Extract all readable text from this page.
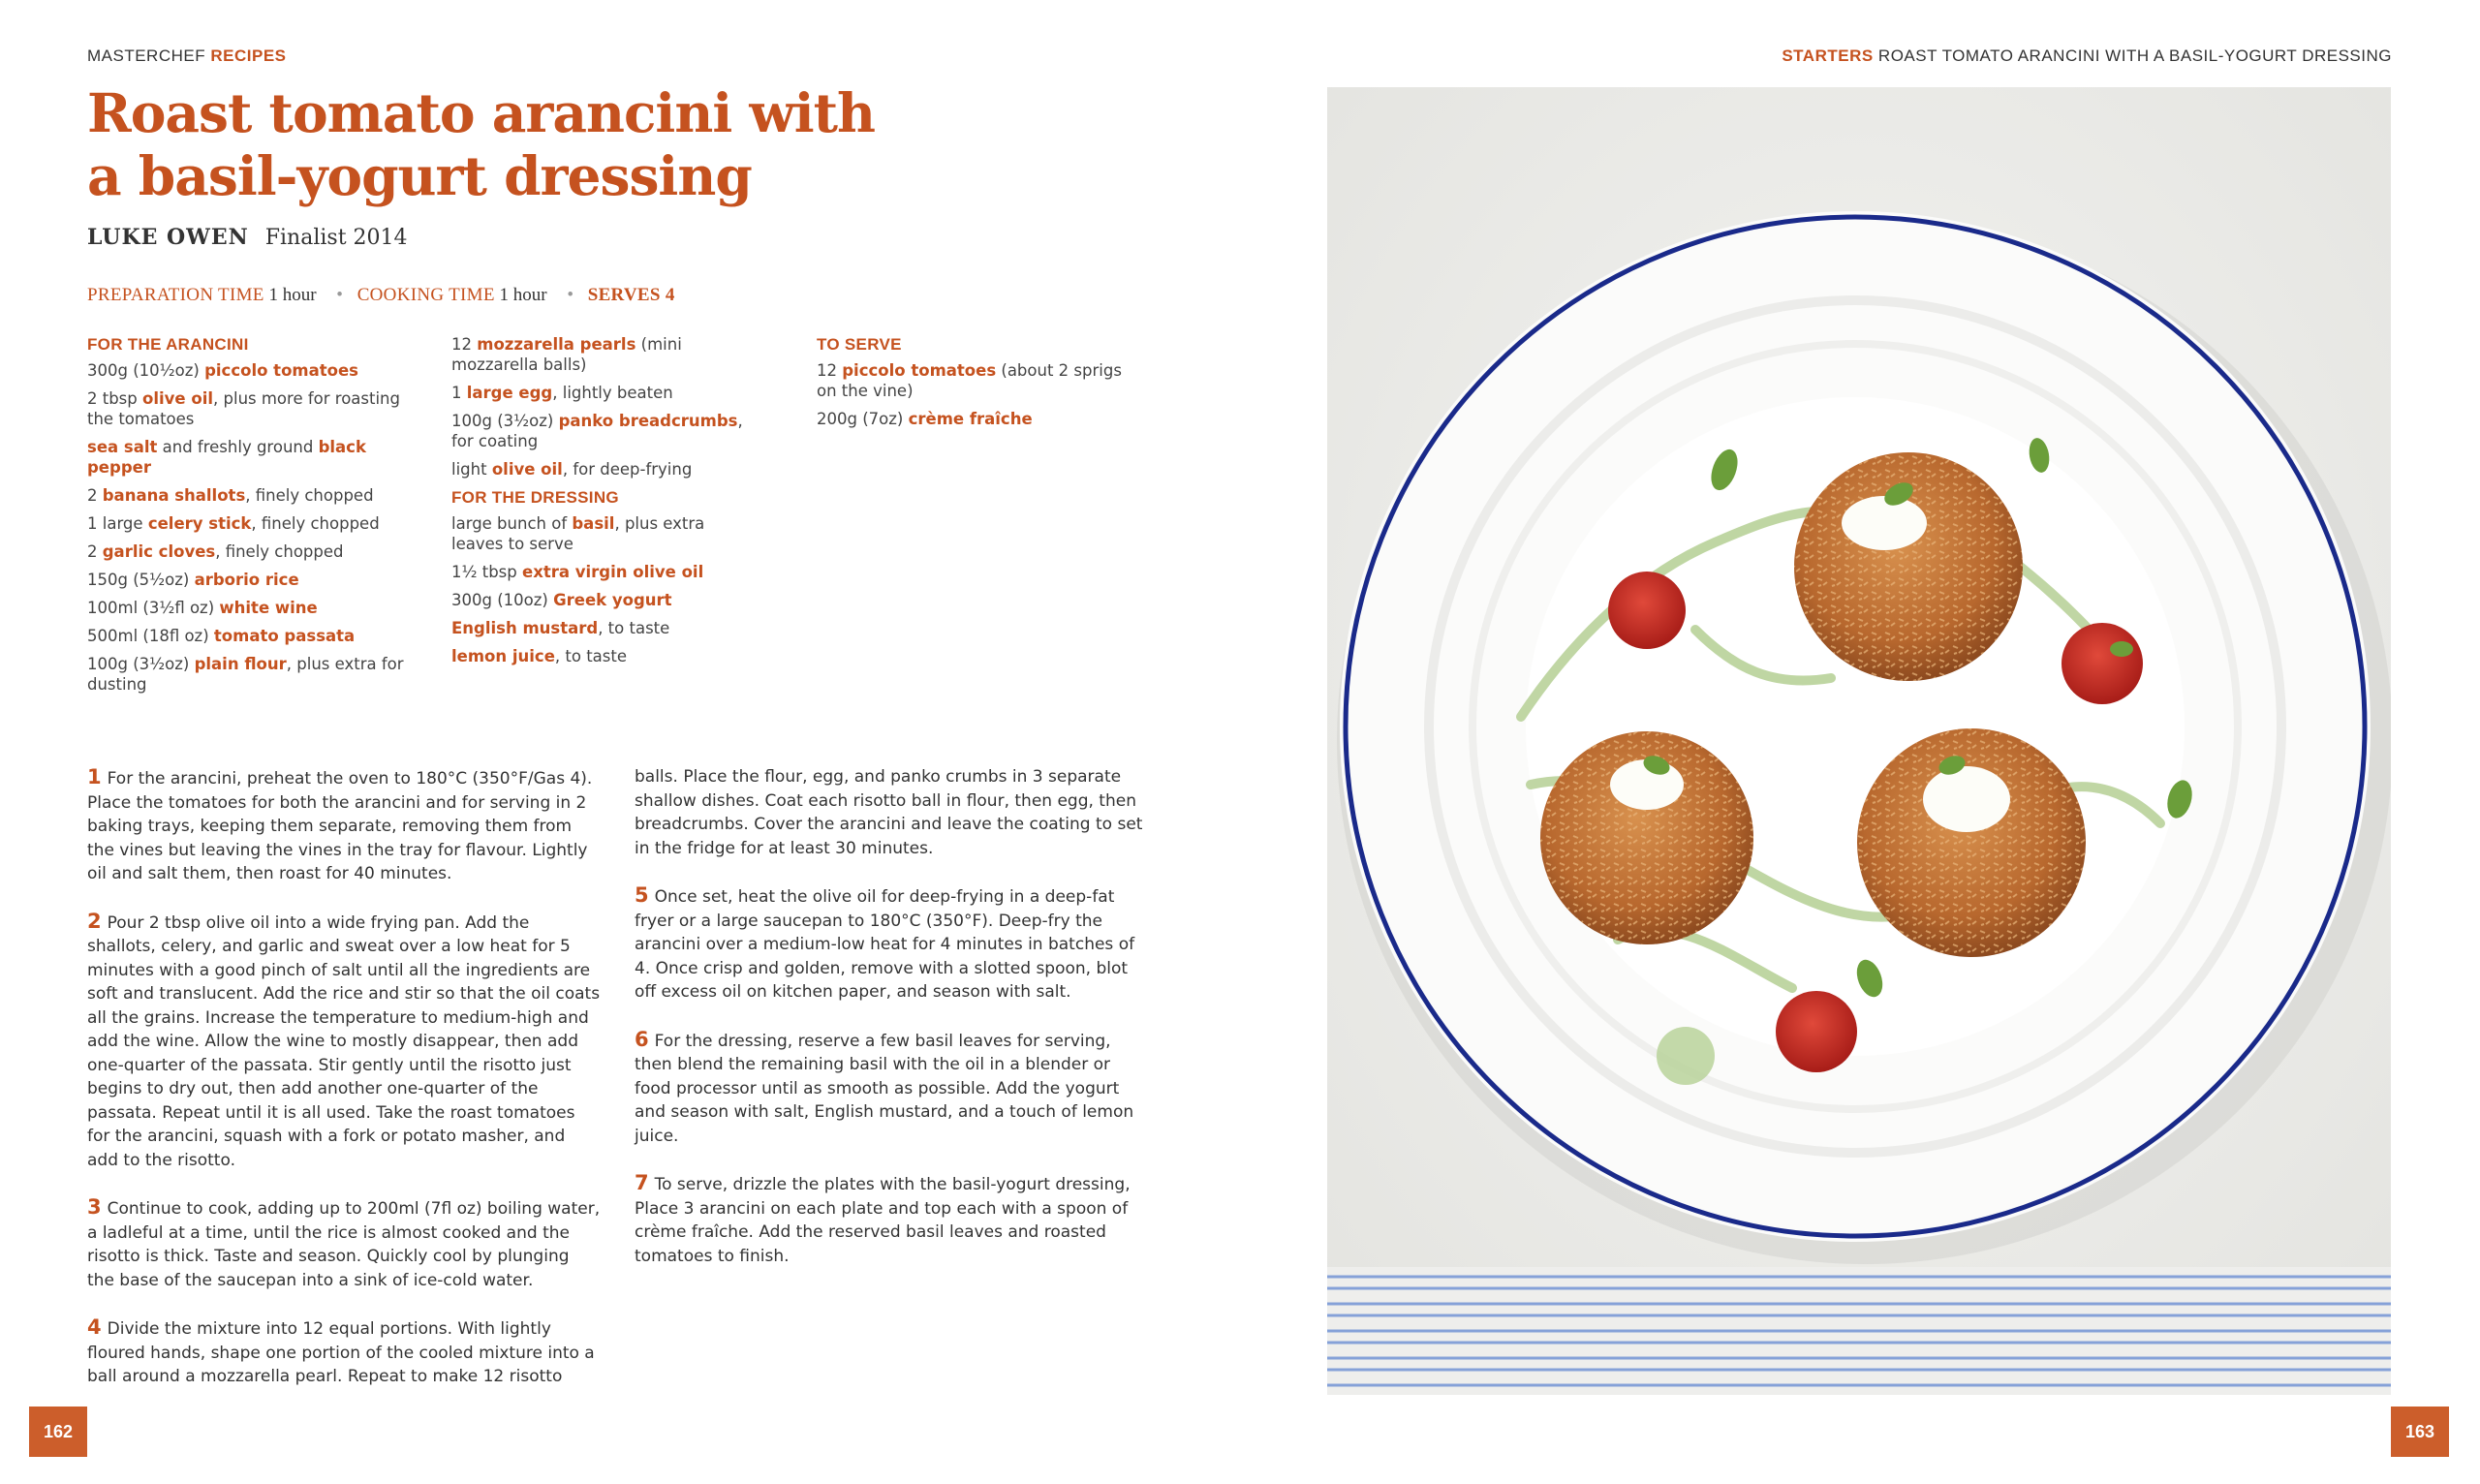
MASTERCHEF RECIPES	STARTERS ROAST TOMATO ARANCINI WITH A BASIL-YOGURT DRESSING
Roast tomato arancini with
a basil-yogurt dressing
LUKE OWEN Finalist 2014
PREPARATION TIME 1 hour • COOKING TIME 1 hour • SERVES 4
FOR THE ARANCINI
300g (10½oz) piccolo tomatoes
2 tbsp olive oil, plus more for roasting the tomatoes
sea salt and freshly ground black pepper
2 banana shallots, finely chopped
1 large celery stick, finely chopped
2 garlic cloves, finely chopped
150g (5½oz) arborio rice
100ml (3½fl oz) white wine
500ml (18fl oz) tomato passata
100g (3½oz) plain flour, plus extra for dusting
12 mozzarella pearls (mini mozzarella balls)
1 large egg, lightly beaten
100g (3½oz) panko breadcrumbs, for coating
light olive oil, for deep-frying
FOR THE DRESSING
large bunch of basil, plus extra leaves to serve
1½ tbsp extra virgin olive oil
300g (10oz) Greek yogurt
English mustard, to taste
lemon juice, to taste
TO SERVE
12 piccolo tomatoes (about 2 sprigs on the vine)
200g (7oz) crème fraîche
1 For the arancini, preheat the oven to 180°C (350°F/Gas 4). Place the tomatoes for both the arancini and for serving in 2 baking trays, keeping them separate, removing them from the vines but leaving the vines in the tray for flavour. Lightly oil and salt them, then roast for 40 minutes.
2 Pour 2 tbsp olive oil into a wide frying pan. Add the shallots, celery, and garlic and sweat over a low heat for 5 minutes with a good pinch of salt until all the ingredients are soft and translucent. Add the rice and stir so that the oil coats all the grains. Increase the temperature to medium-high and add the wine. Allow the wine to mostly disappear, then add one-quarter of the passata. Stir gently until the risotto just begins to dry out, then add another one-quarter of the passata. Repeat until it is all used. Take the roast tomatoes for the arancini, squash with a fork or potato masher, and add to the risotto.
3 Continue to cook, adding up to 200ml (7fl oz) boiling water, a ladleful at a time, until the rice is almost cooked and the risotto is thick. Taste and season. Quickly cool by plunging the base of the saucepan into a sink of ice-cold water.
4 Divide the mixture into 12 equal portions. With lightly floured hands, shape one portion of the cooled mixture into a ball around a mozzarella pearl. Repeat to make 12 risotto
balls. Place the flour, egg, and panko crumbs in 3 separate shallow dishes. Coat each risotto ball in flour, then egg, then breadcrumbs. Cover the arancini and leave the coating to set in the fridge for at least 30 minutes.
5 Once set, heat the olive oil for deep-frying in a deep-fat fryer or a large saucepan to 180°C (350°F). Deep-fry the arancini over a medium-low heat for 4 minutes in batches of 4. Once crisp and golden, remove with a slotted spoon, blot off excess oil on kitchen paper, and season with salt.
6 For the dressing, reserve a few basil leaves for serving, then blend the remaining basil with the oil in a blender or food processor until as smooth as possible. Add the yogurt and season with salt, English mustard, and a touch of lemon juice.
7 To serve, drizzle the plates with the basil-yogurt dressing, Place 3 arancini on each plate and top each with a spoon of crème fraîche. Add the reserved basil leaves and roasted tomatoes to finish.
162	163
